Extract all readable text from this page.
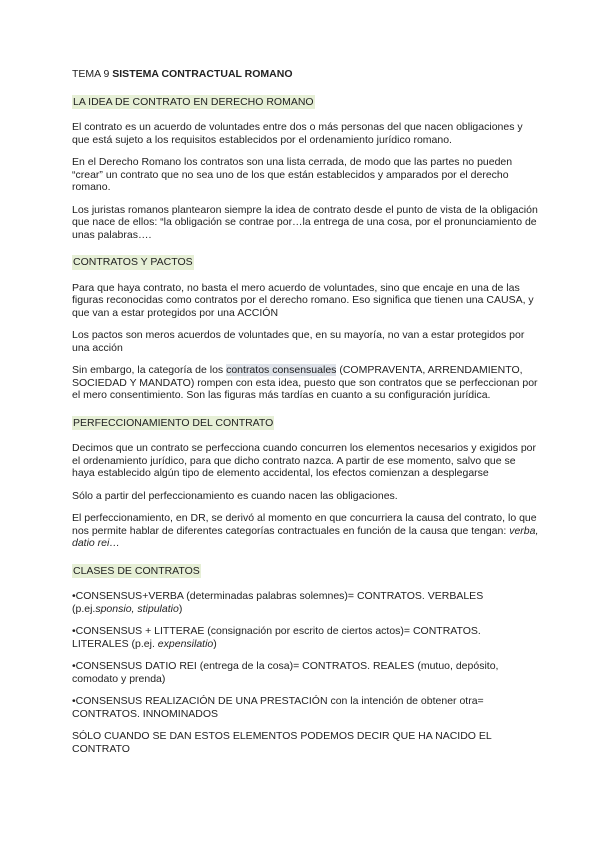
TEMA 9 SISTEMA CONTRACTUAL ROMANO
LA IDEA DE CONTRATO EN DERECHO ROMANO

El contrato es un acuerdo de voluntades entre dos o más personas del que nacen obligaciones y que está sujeto a los requisitos establecidos por el ordenamiento jurídico romano.

En el Derecho Romano los contratos son una lista cerrada, de modo que las partes no pueden “crear” un contrato que no sea uno de los que están establecidos y amparados por el derecho romano.

Los juristas romanos plantearon siempre la idea de contrato desde el punto de vista de la obligación que nace de ellos: “la obligación se contrae por…la entrega de una cosa, por el pronunciamiento de unas palabras….

CONTRATOS Y PACTOS

Para que haya contrato, no basta el mero acuerdo de voluntades, sino que encaje en una de las figuras reconocidas como contratos por el derecho romano. Eso significa que tienen una CAUSA, y que van a estar protegidos por una ACCIÓN

Los pactos son meros acuerdos de voluntades que, en su mayoría, no van a estar protegidos por una acción

Sin embargo, la categoría de los contratos consensuales (COMPRAVENTA, ARRENDAMIENTO, SOCIEDAD Y MANDATO) rompen con esta idea, puesto que son contratos que se perfeccionan por el mero consentimiento. Son las figuras más tardías en cuanto a su configuración jurídica.

PERFECCIONAMIENTO DEL CONTRATO

Decimos que un contrato se perfecciona cuando concurren los elementos necesarios y exigidos por el ordenamiento jurídico, para que dicho contrato nazca. A partir de ese momento, salvo que se haya establecido algún tipo de elemento accidental, los efectos comienzan a desplegarse

Sólo a partir del perfeccionamiento es cuando nacen las obligaciones.

El perfeccionamiento, en DR, se derivó al momento en que concurriera la causa del contrato, lo que nos permite hablar de diferentes categorías contractuales en función de la causa que tengan: verba, datio rei…

CLASES DE CONTRATOS

•CONSENSUS+VERBA (determinadas palabras solemnes)= CONTRATOS. VERBALES (p.ej.sponsio, stipulatio)

•CONSENSUS + LITTERAE (consignación por escrito de ciertos actos)= CONTRATOS. LITERALES (p.ej. expensilatio)

•CONSENSUS DATIO REI (entrega de la cosa)= CONTRATOS. REALES (mutuo, depósito, comodato y prenda)

•CONSENSUS REALIZACIÓN DE UNA PRESTACIÓN con la intención de obtener otra= CONTRATOS. INNOMINADOS

SÓLO CUANDO SE DAN ESTOS ELEMENTOS PODEMOS DECIR QUE HA NACIDO EL CONTRATO
